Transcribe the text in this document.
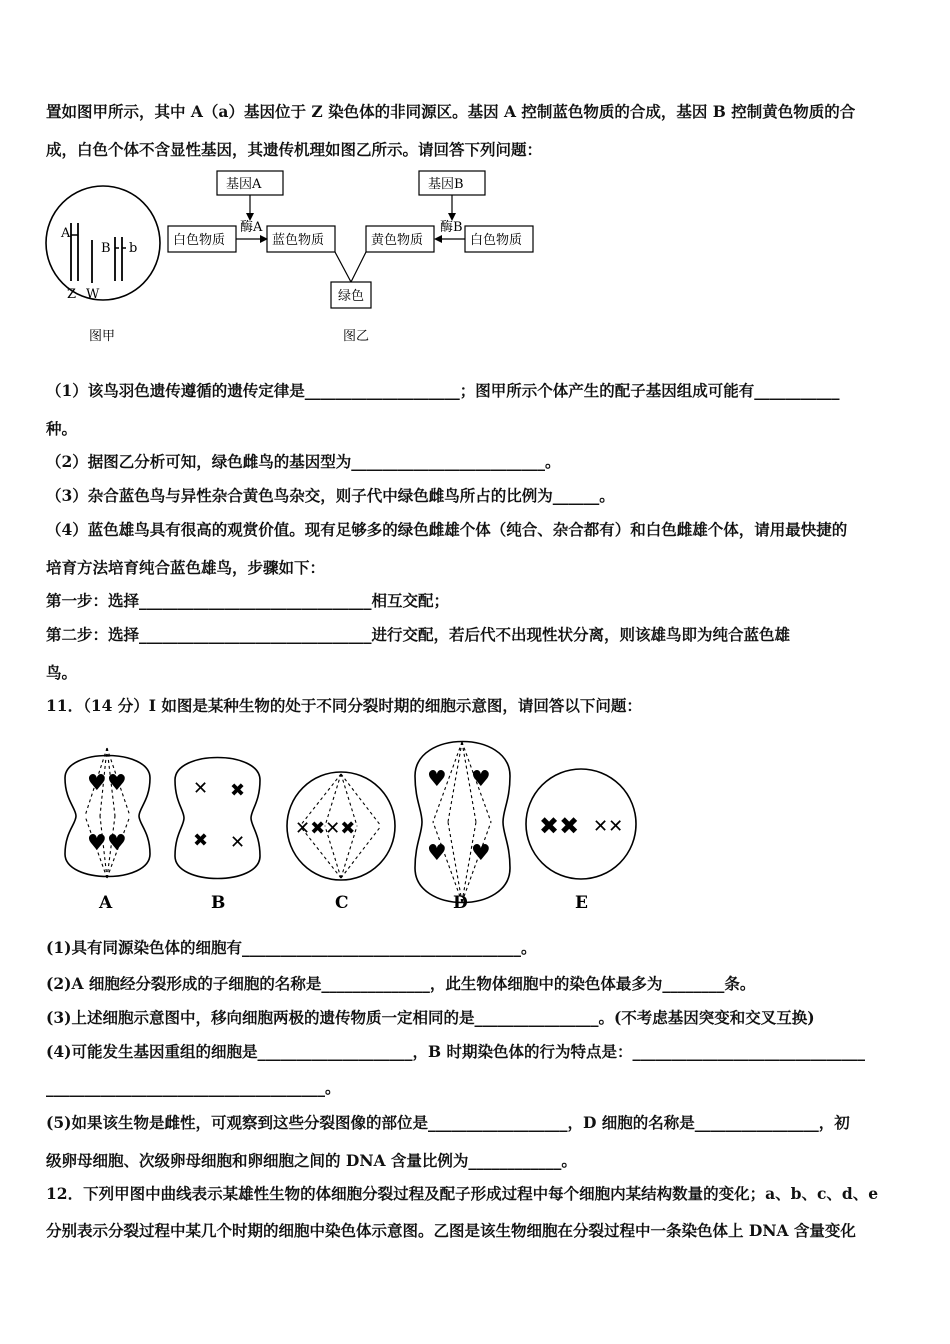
置如图甲所示，其中 A（a）基因位于 Z 染色体的非同源区。基因 A 控制蓝色物质的合成，基因 B 控制黄色物质的合
成，白色个体不含显性基因，其遗传机理如图乙所示。请回答下列问题：
A
B b
Z W
图甲
基因A	基因B
白色物质	蓝色物质	黄色物质	白色物质
酶A	酶B
绿色
图乙
（1）该鸟羽色遗传遵循的遗传定律是____________________；图甲所示个体产生的配子基因组成可能有___________
种。
（2）据图乙分析可知，绿色雌鸟的基因型为_________________________。
（3）杂合蓝色鸟与异性杂合黄色鸟杂交，则子代中绿色雌鸟所占的比例为______。
（4）蓝色雄鸟具有很高的观赏价值。现有足够多的绿色雌雄个体（纯合、杂合都有）和白色雌雄个体，请用最快捷的
培育方法培育纯合蓝色雄鸟，步骤如下：
第一步：选择______________________________相互交配；
第二步：选择______________________________进行交配，若后代不出现性状分离，则该雄鸟即为纯合蓝色雄
鸟。
11．（14 分）I 如图是某种生物的处于不同分裂时期的细胞示意图，请回答以下问题：
♥ ♥
♥ ♥
✕ ✖
✖ ✕
✕✖✕✖
♥ ♥
♥ ♥
✖✖ ✕✕
A	B	C	D	E
(1)具有同源染色体的细胞有____________________________________。
(2)A 细胞经分裂形成的子细胞的名称是______________，此生物体细胞中的染色体最多为________条。
(3)上述细胞示意图中，移向细胞两极的遗传物质一定相同的是________________。(不考虑基因突变和交叉互换)
(4)可能发生基因重组的细胞是____________________，B 时期染色体的行为特点是：______________________________
____________________________________。
(5)如果该生物是雌性，可观察到这些分裂图像的部位是__________________，D 细胞的名称是________________，初
级卵母细胞、次级卵母细胞和卵细胞之间的 DNA 含量比例为____________。
12．下列甲图中曲线表示某雄性生物的体细胞分裂过程及配子形成过程中每个细胞内某结构数量的变化；a、b、c、d、e
分别表示分裂过程中某几个时期的细胞中染色体示意图。乙图是该生物细胞在分裂过程中一条染色体上 DNA 含量变化
